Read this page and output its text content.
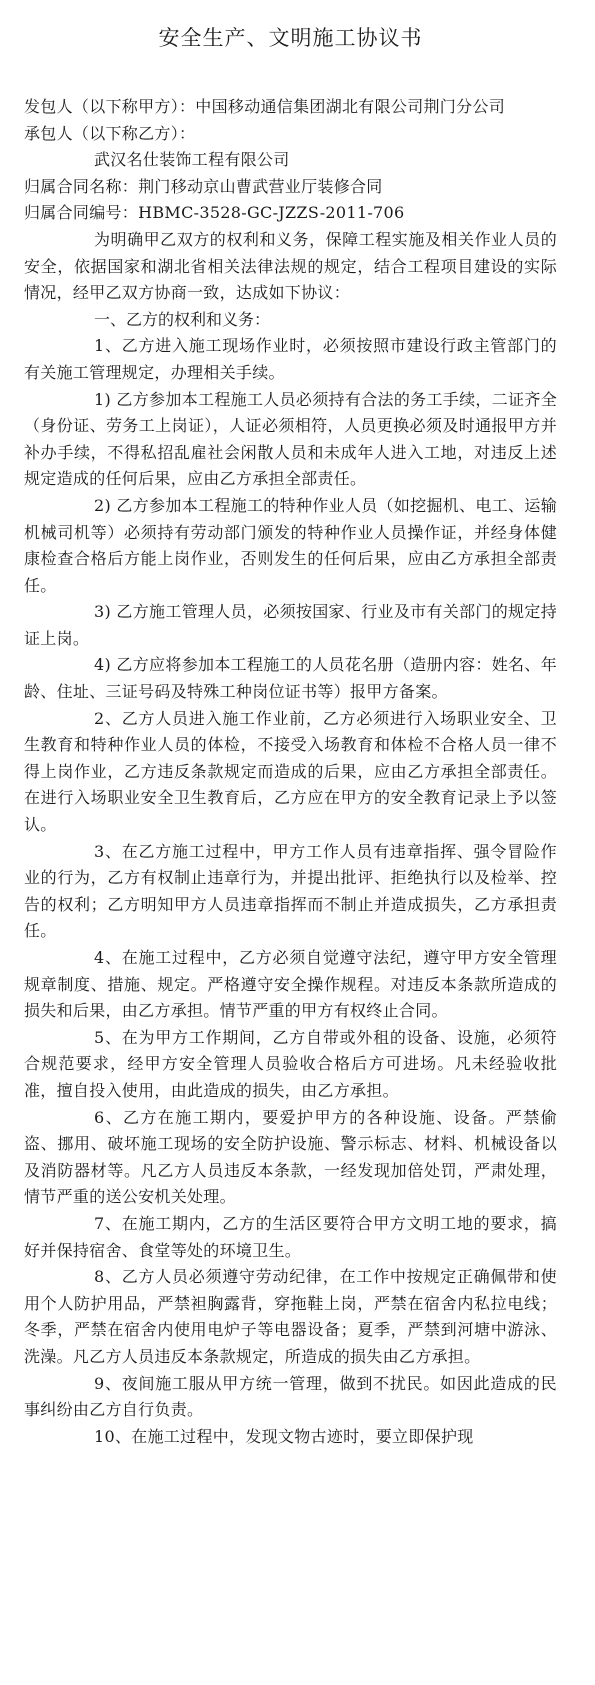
安全生产、文明施工协议书

发包人（以下称甲方）：中国移动通信集团湖北有限公司荆门分公司

承包人（以下称乙方）：

武汉名仕装饰工程有限公司

归属合同名称：荆门移动京山曹武营业厅装修合同

归属合同编号：HBMC-3528-GC-JZZS-2011-706

为明确甲乙双方的权利和义务，保障工程实施及相关作业人员的安全，依据国家和湖北省相关法律法规的规定，结合工程项目建设的实际情况，经甲乙双方协商一致，达成如下协议：

一、乙方的权利和义务：

1、乙方进入施工现场作业时，必须按照市建设行政主管部门的有关施工管理规定，办理相关手续。

1) 乙方参加本工程施工人员必须持有合法的务工手续，二证齐全（身份证、劳务工上岗证），人证必须相符，人员更换必须及时通报甲方并补办手续，不得私招乱雇社会闲散人员和未成年人进入工地，对违反上述规定造成的任何后果，应由乙方承担全部责任。

2) 乙方参加本工程施工的特种作业人员（如挖掘机、电工、运输机械司机等）必须持有劳动部门颁发的特种作业人员操作证，并经身体健康检查合格后方能上岗作业，否则发生的任何后果，应由乙方承担全部责任。

3) 乙方施工管理人员，必须按国家、行业及市有关部门的规定持证上岗。

4) 乙方应将参加本工程施工的人员花名册（造册内容：姓名、年龄、住址、三证号码及特殊工种岗位证书等）报甲方备案。

2、乙方人员进入施工作业前，乙方必须进行入场职业安全、卫生教育和特种作业人员的体检，不接受入场教育和体检不合格人员一律不得上岗作业，乙方违反条款规定而造成的后果，应由乙方承担全部责任。在进行入场职业安全卫生教育后，乙方应在甲方的安全教育记录上予以签认。

3、在乙方施工过程中，甲方工作人员有违章指挥、强令冒险作业的行为，乙方有权制止违章行为，并提出批评、拒绝执行以及检举、控告的权利；乙方明知甲方人员违章指挥而不制止并造成损失，乙方承担责任。

4、在施工过程中，乙方必须自觉遵守法纪，遵守甲方安全管理规章制度、措施、规定。严格遵守安全操作规程。对违反本条款所造成的损失和后果，由乙方承担。情节严重的甲方有权终止合同。

5、在为甲方工作期间，乙方自带或外租的设备、设施，必须符合规范要求，经甲方安全管理人员验收合格后方可进场。凡未经验收批准，擅自投入使用，由此造成的损失，由乙方承担。

6、乙方在施工期内，要爱护甲方的各种设施、设备。严禁偷盗、挪用、破坏施工现场的安全防护设施、警示标志、材料、机械设备以及消防器材等。凡乙方人员违反本条款，一经发现加倍处罚，严肃处理，情节严重的送公安机关处理。

7、在施工期内，乙方的生活区要符合甲方文明工地的要求，搞好并保持宿舍、食堂等处的环境卫生。

8、乙方人员必须遵守劳动纪律，在工作中按规定正确佩带和使用个人防护用品，严禁袒胸露背，穿拖鞋上岗，严禁在宿舍内私拉电线；冬季，严禁在宿舍内使用电炉子等电器设备；夏季，严禁到河塘中游泳、洗澡。凡乙方人员违反本条款规定，所造成的损失由乙方承担。

9、夜间施工服从甲方统一管理，做到不扰民。如因此造成的民事纠纷由乙方自行负责。

10、在施工过程中，发现文物古迹时，要立即保护现
